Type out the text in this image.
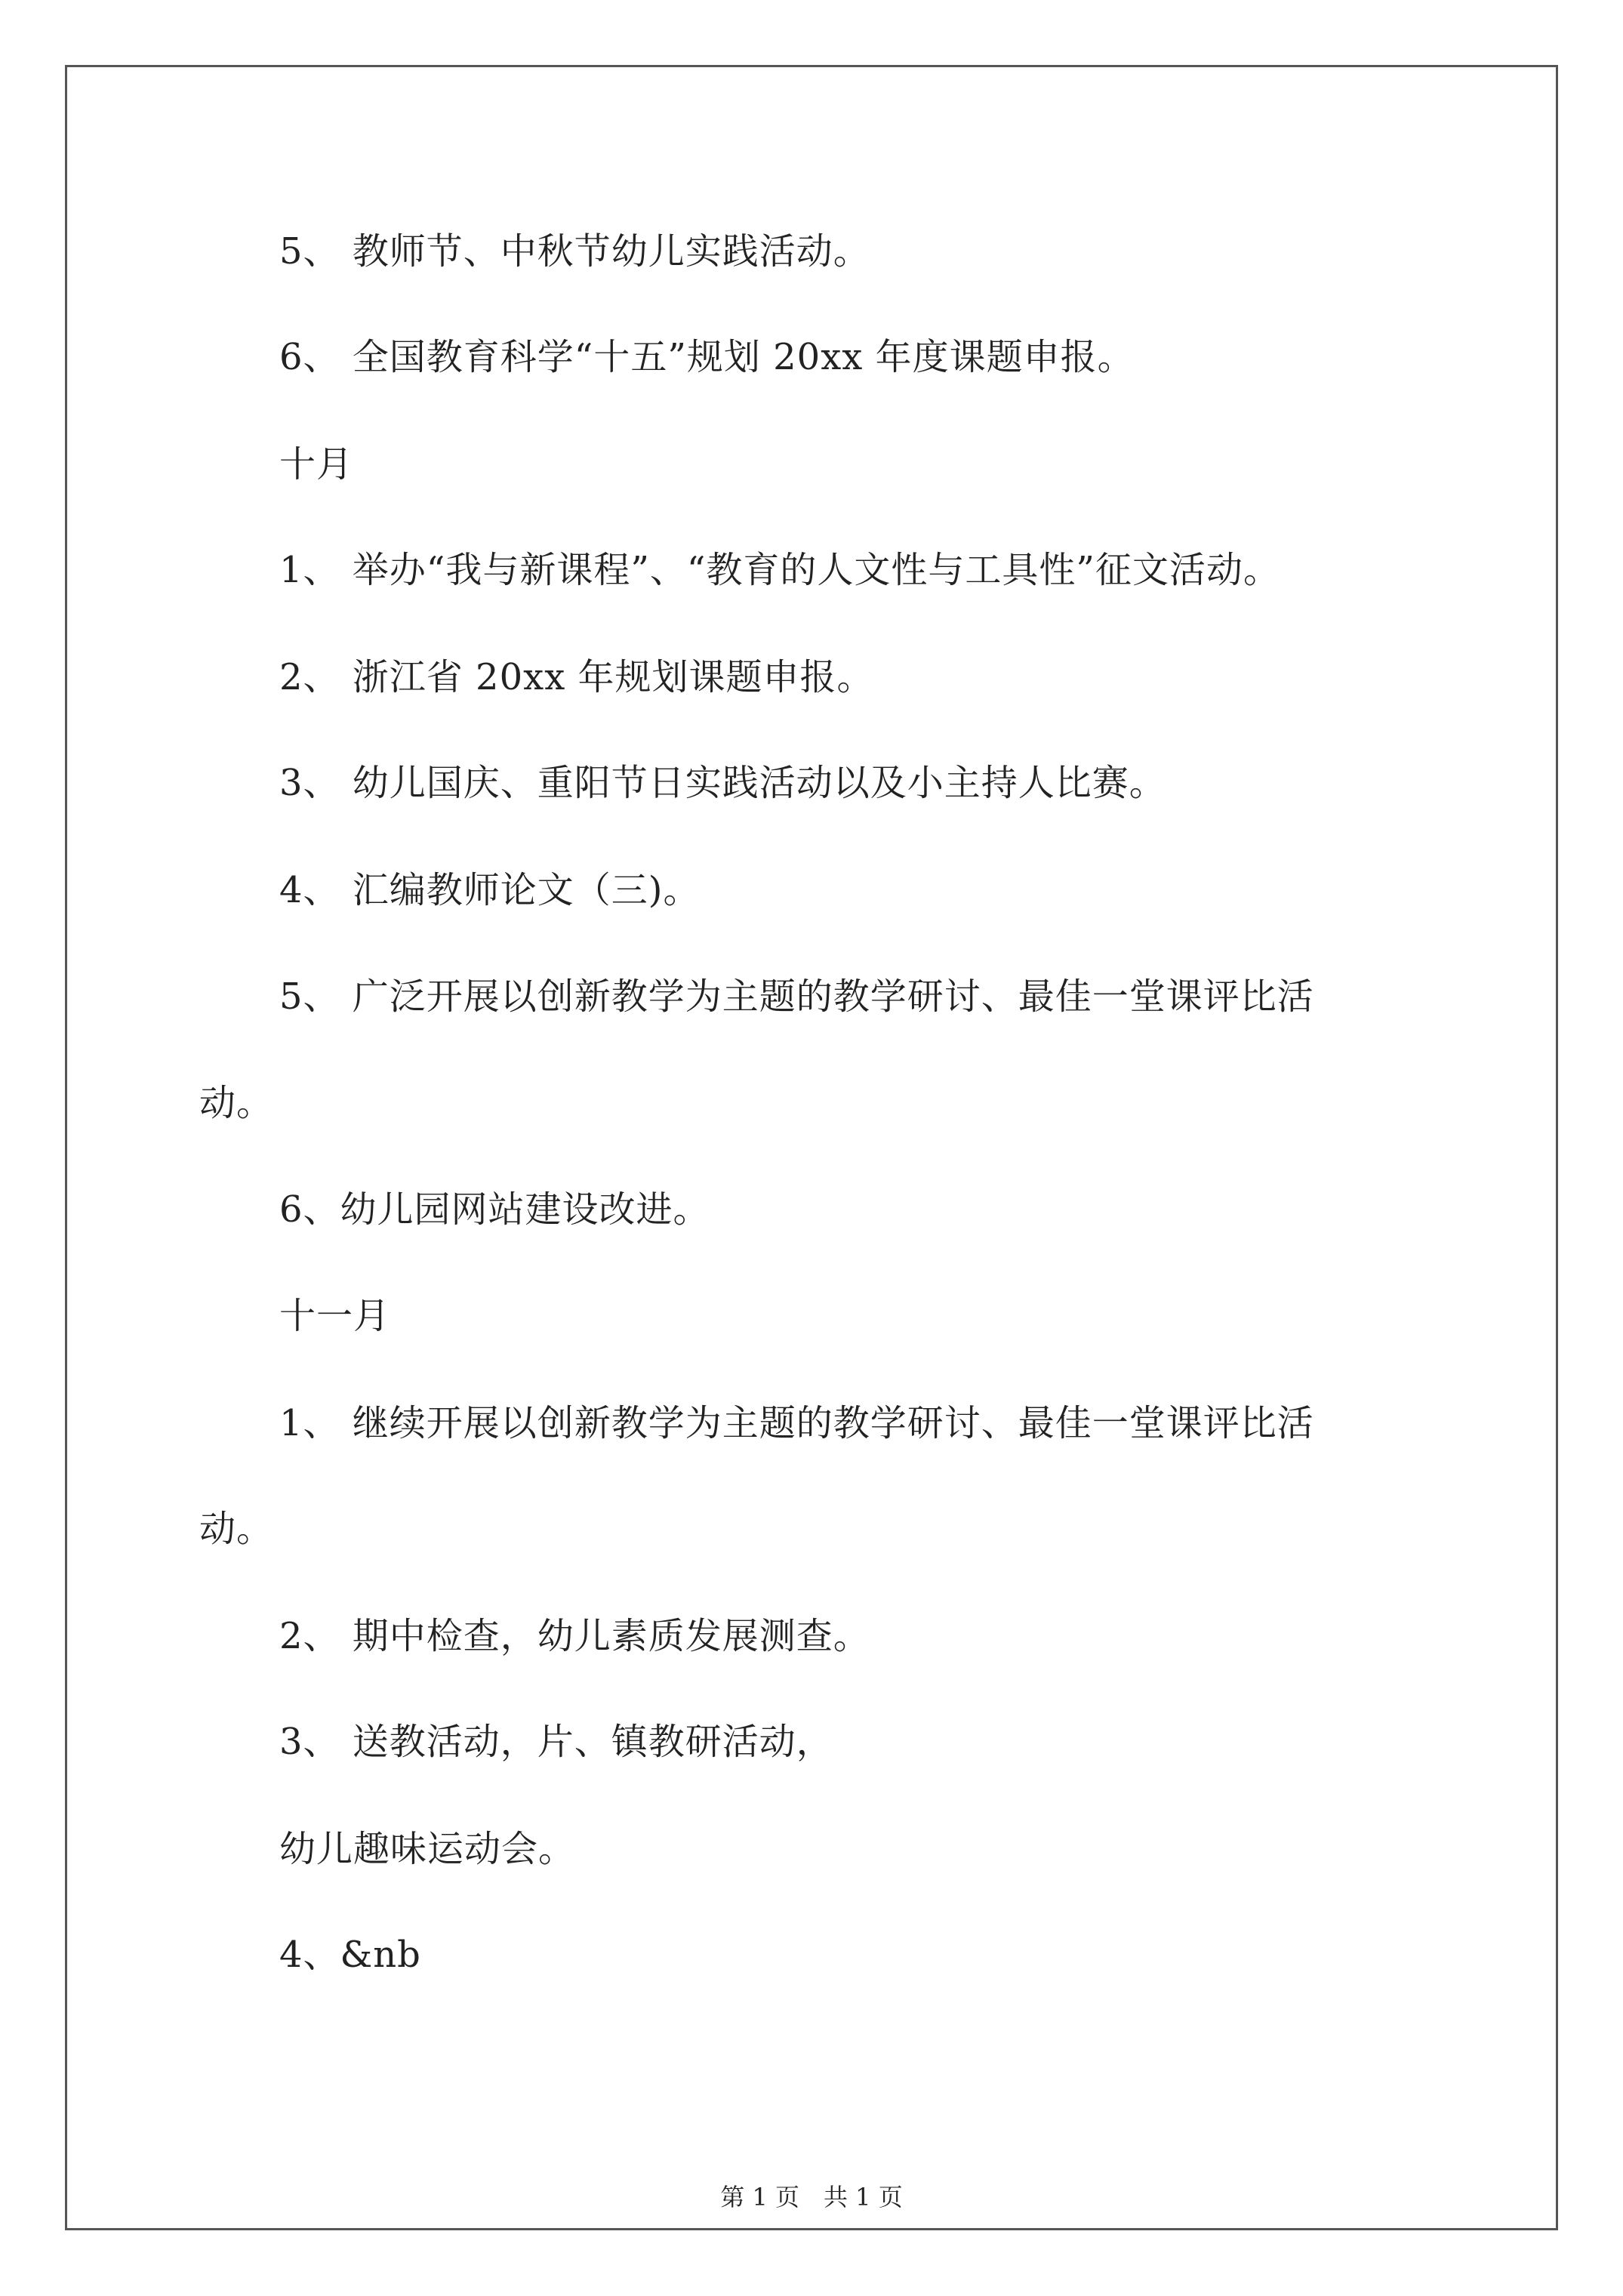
5、 教师节、中秋节幼儿实践活动。
6、 全国教育科学“十五”规划 20xx 年度课题申报。
十月
1、 举办“我与新课程”、“教育的人文性与工具性”征文活动。
2、 浙江省 20xx 年规划课题申报。
3、 幼儿国庆、重阳节日实践活动以及小主持人比赛。
4、 汇编教师论文（三)。
5、 广泛开展以创新教学为主题的教学研讨、最佳一堂课评比活
动。
6、幼儿园网站建设改进。
十一月
1、 继续开展以创新教学为主题的教学研讨、最佳一堂课评比活
动。
2、 期中检查，幼儿素质发展测查。
3、 送教活动，片、镇教研活动，
幼儿趣味运动会。
4、&nb
第 1 页　共 1 页
